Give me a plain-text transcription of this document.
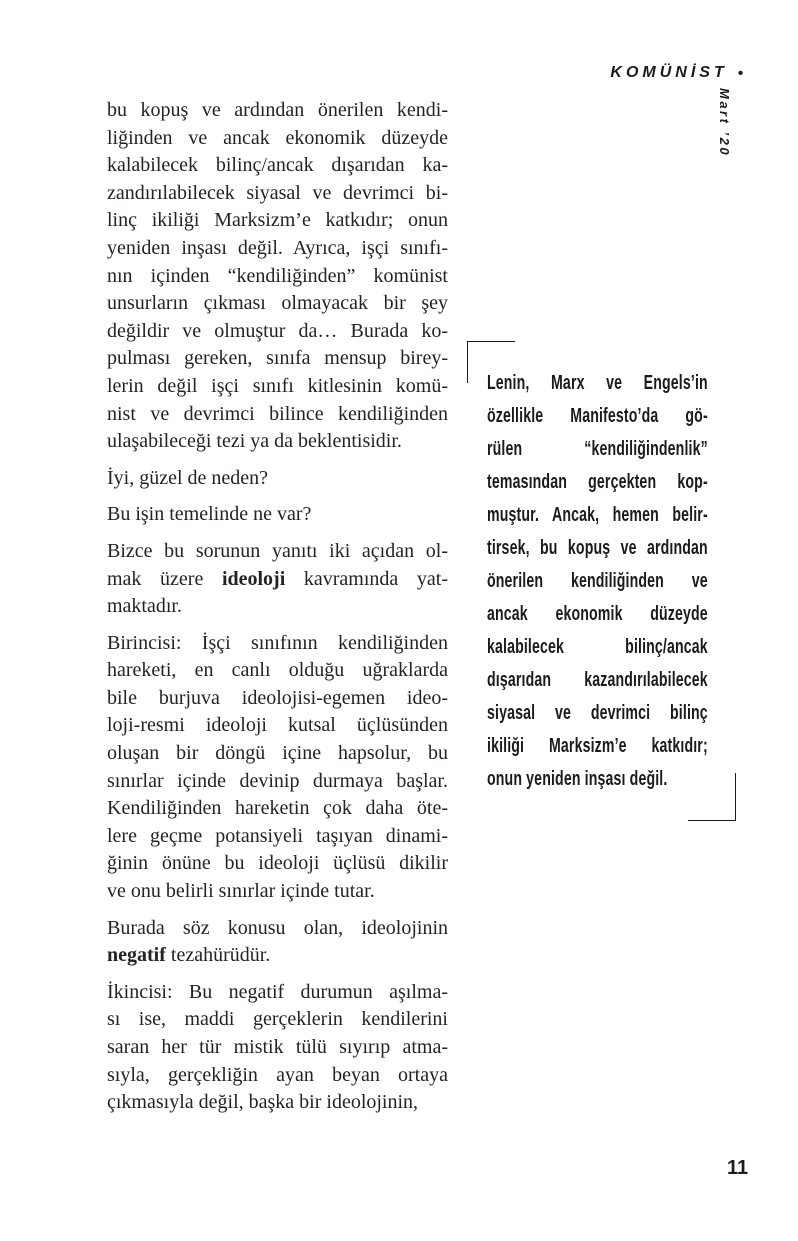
KOMÜNİST •
Mart ’20
bu kopuş ve ardından önerilen kendi-
liğinden ve ancak ekonomik düzeyde
kalabilecek bilinç/ancak dışarıdan ka-
zandırılabilecek siyasal ve devrimci bi-
linç ikiliği Marksizm’e katkıdır; onun
yeniden inşası değil. Ayrıca, işçi sınıfı-
nın içinden “kendiliğinden” komünist
unsurların çıkması olmayacak bir şey
değildir ve olmuştur da… Burada ko-
pulması gereken, sınıfa mensup birey-
lerin değil işçi sınıfı kitlesinin komü-
nist ve devrimci bilince kendiliğinden
ulaşabileceği tezi ya da beklentisidir.
İyi, güzel de neden?
Bu işin temelinde ne var?
Bizce bu sorunun yanıtı iki açıdan ol-
mak üzere ideoloji kavramında yat-
maktadır.
Birincisi: İşçi sınıfının kendiliğinden
hareketi, en canlı olduğu uğraklarda
bile burjuva ideolojisi-egemen ideo-
loji-resmi ideoloji kutsal üçlüsünden
oluşan bir döngü içine hapsolur, bu
sınırlar içinde devinip durmaya başlar.
Kendiliğinden hareketin çok daha öte-
lere geçme potansiyeli taşıyan dinami-
ğinin önüne bu ideoloji üçlüsü dikilir
ve onu belirli sınırlar içinde tutar.
Burada söz konusu olan, ideolojinin
negatif tezahürüdür.
İkincisi: Bu negatif durumun aşılma-
sı ise, maddi gerçeklerin kendilerini
saran her tür mistik tülü sıyırıp atma-
sıyla, gerçekliğin ayan beyan ortaya
çıkmasıyla değil, başka bir ideolojinin,
Lenin, Marx ve Engels’in
özellikle Manifesto’da gö-
rülen “kendiliğindenlik”
temasından gerçekten kop-
muştur. Ancak, hemen belir-
tirsek, bu kopuş ve ardından
önerilen kendiliğinden ve
ancak ekonomik düzeyde
kalabilecek bilinç/ancak
dışarıdan kazandırılabilecek
siyasal ve devrimci bilinç
ikiliği Marksizm’e katkıdır;
onun yeniden inşası değil.
11
